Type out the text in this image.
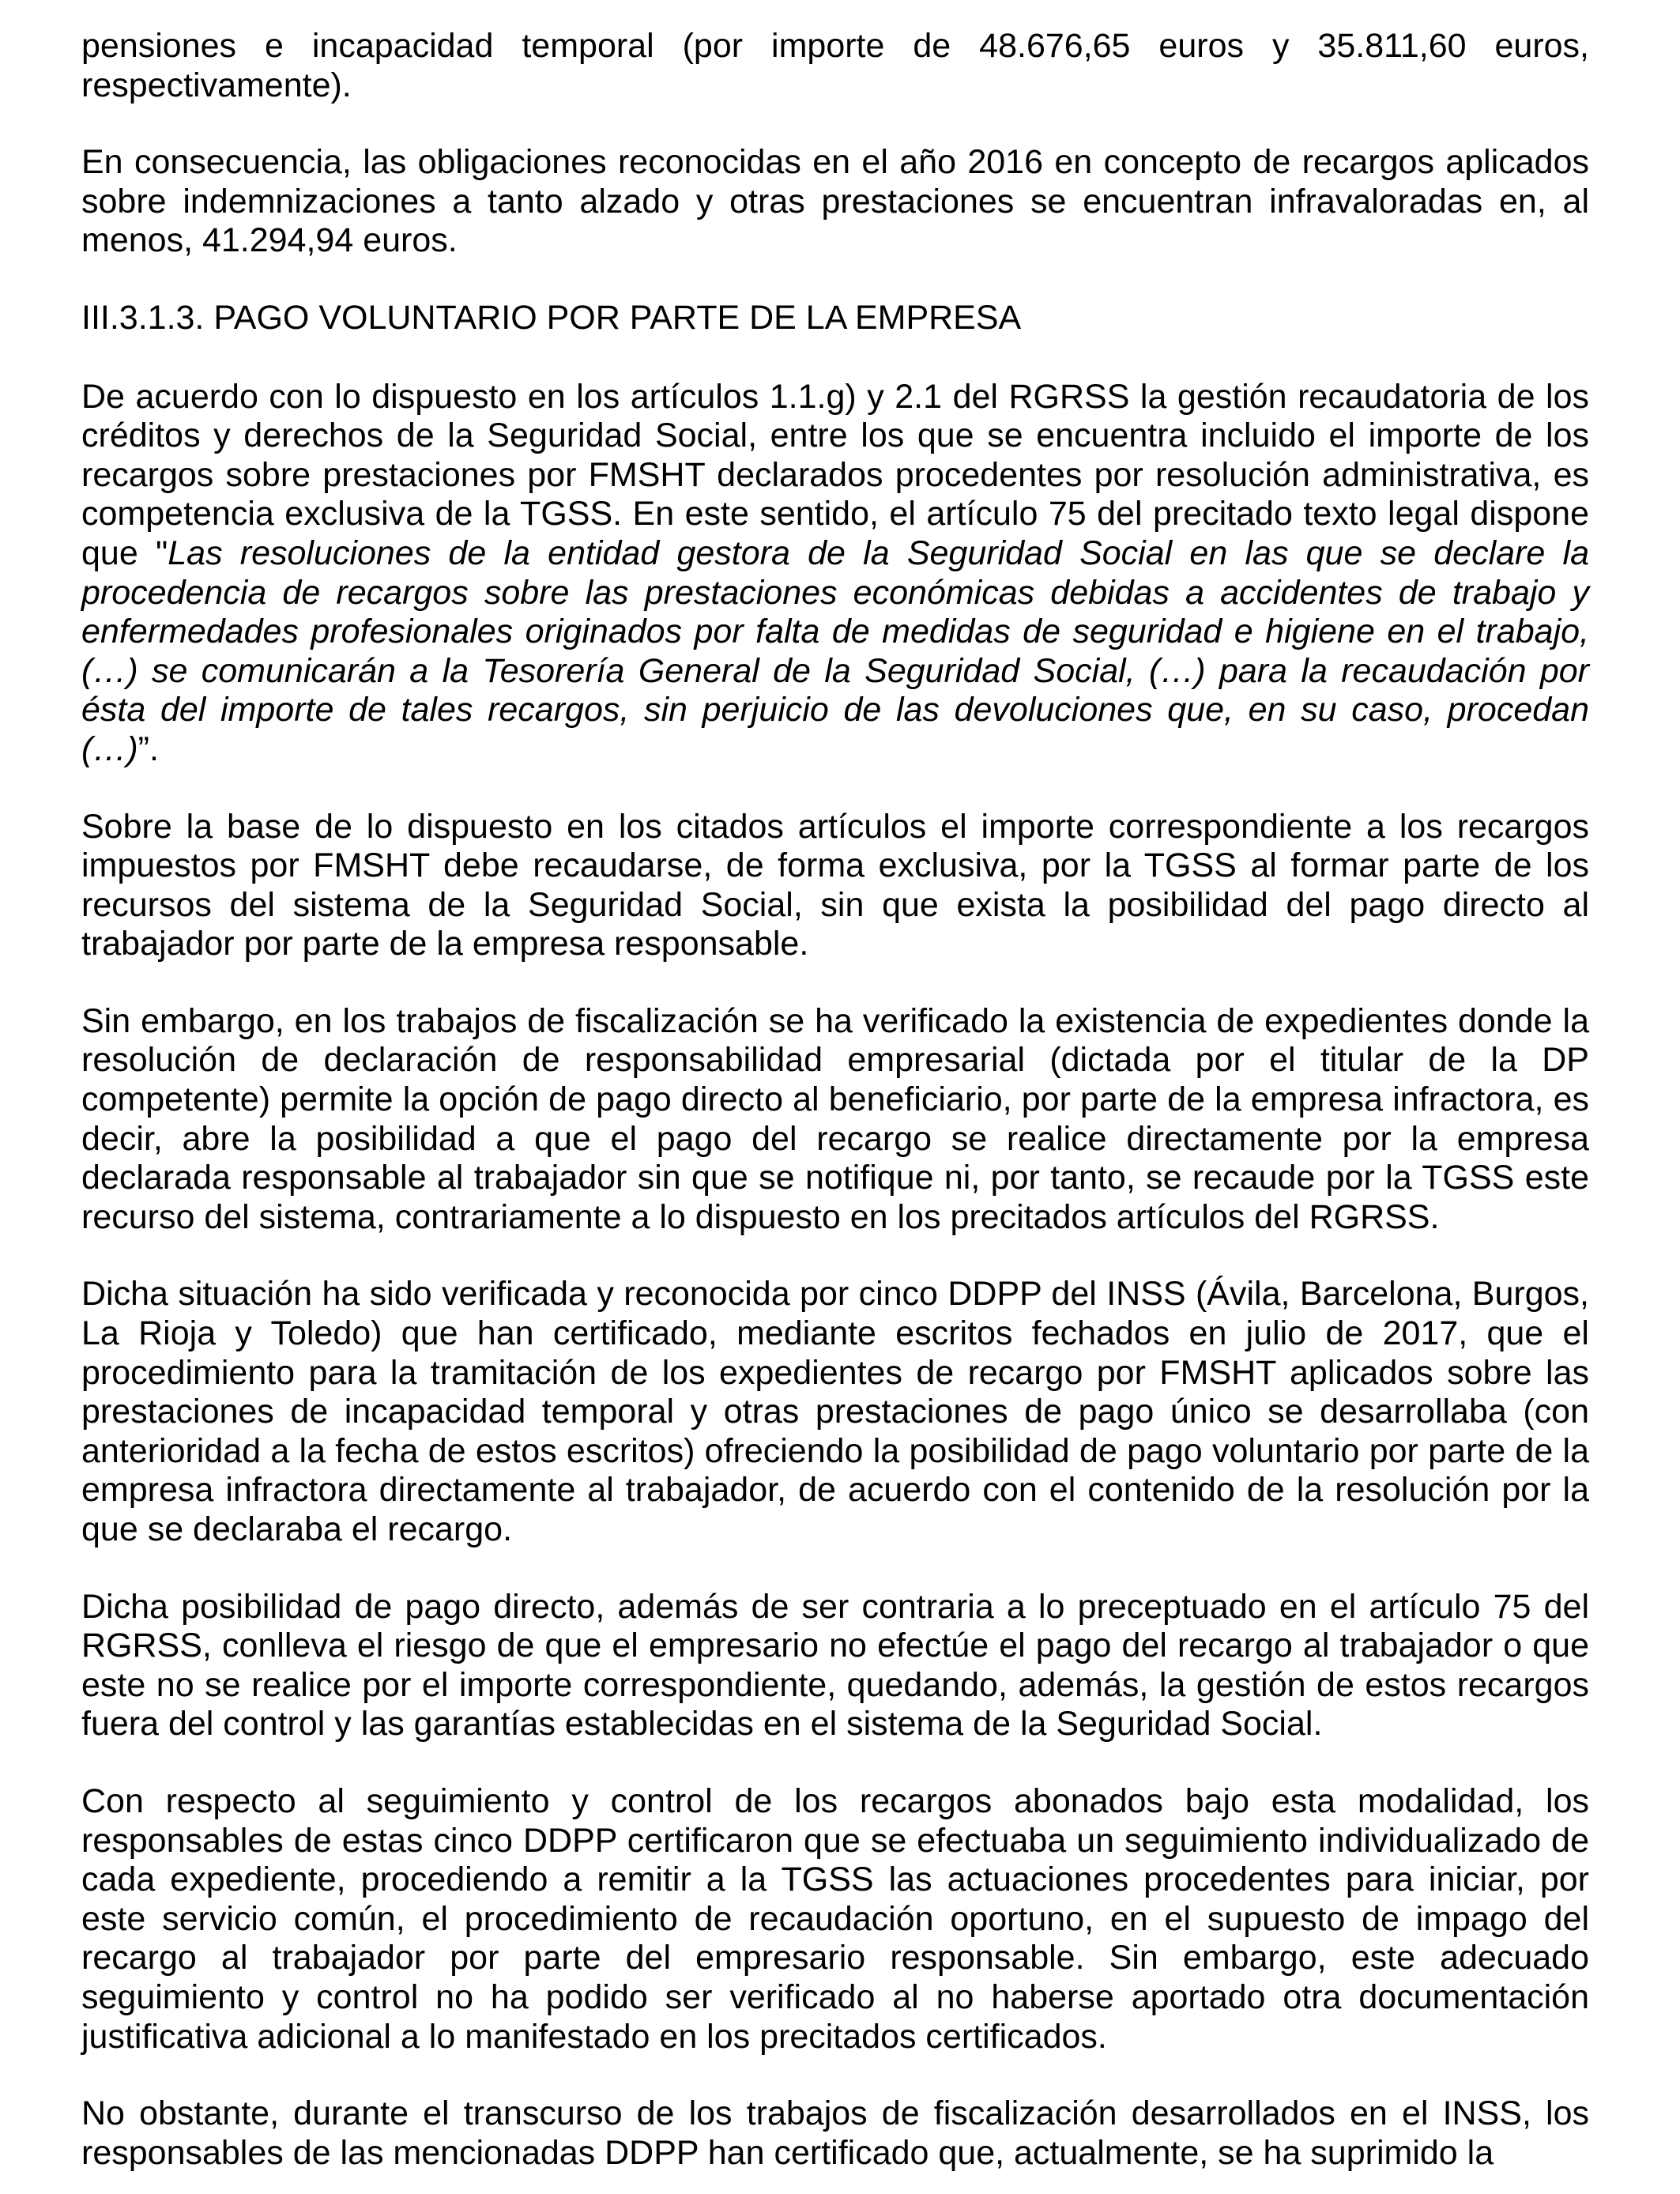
pensiones e incapacidad temporal (por importe de 48.676,65 euros y 35.811,60 euros, respectivamente).

En consecuencia, las obligaciones reconocidas en el año 2016 en concepto de recargos aplicados sobre indemnizaciones a tanto alzado y otras prestaciones se encuentran infravaloradas en, al menos, 41.294,94 euros.

III.3.1.3. PAGO VOLUNTARIO POR PARTE DE LA EMPRESA

De acuerdo con lo dispuesto en los artículos 1.1.g) y 2.1 del RGRSS la gestión recaudatoria de los créditos y derechos de la Seguridad Social, entre los que se encuentra incluido el importe de los recargos sobre prestaciones por FMSHT declarados procedentes por resolución administrativa, es competencia exclusiva de la TGSS. En este sentido, el artículo 75 del precitado texto legal dispone que "Las resoluciones de la entidad gestora de la Seguridad Social en las que se declare la procedencia de recargos sobre las prestaciones económicas debidas a accidentes de trabajo y enfermedades profesionales originados por falta de medidas de seguridad e higiene en el trabajo,(…) se comunicarán a la Tesorería General de la Seguridad Social, (…) para la recaudación por ésta del importe de tales recargos, sin perjuicio de las devoluciones que, en su caso, procedan (…)”.

Sobre la base de lo dispuesto en los citados artículos el importe correspondiente a los recargos impuestos por FMSHT debe recaudarse, de forma exclusiva, por la TGSS al formar parte de los recursos del sistema de la Seguridad Social, sin que exista la posibilidad del pago directo al trabajador por parte de la empresa responsable.

Sin embargo, en los trabajos de fiscalización se ha verificado la existencia de expedientes donde la resolución de declaración de responsabilidad empresarial (dictada por el titular de la DP competente) permite la opción de pago directo al beneficiario, por parte de la empresa infractora, es decir, abre la posibilidad a que el pago del recargo se realice directamente por la empresa declarada responsable al trabajador sin que se notifique ni, por tanto, se recaude por la TGSS este recurso del sistema, contrariamente a lo dispuesto en los precitados artículos del RGRSS.

Dicha situación ha sido verificada y reconocida por cinco DDPP del INSS (Ávila, Barcelona, Burgos, La Rioja y Toledo) que han certificado, mediante escritos fechados en julio de 2017, que el procedimiento para la tramitación de los expedientes de recargo por FMSHT aplicados sobre las prestaciones de incapacidad temporal y otras prestaciones de pago único se desarrollaba (con anterioridad a la fecha de estos escritos) ofreciendo la posibilidad de pago voluntario por parte de la empresa infractora directamente al trabajador, de acuerdo con el contenido de la resolución por la que se declaraba el recargo.

Dicha posibilidad de pago directo, además de ser contraria a lo preceptuado en el artículo 75 del RGRSS, conlleva el riesgo de que el empresario no efectúe el pago del recargo al trabajador o que este no se realice por el importe correspondiente, quedando, además, la gestión de estos recargos fuera del control y las garantías establecidas en el sistema de la Seguridad Social.

Con respecto al seguimiento y control de los recargos abonados bajo esta modalidad, los responsables de estas cinco DDPP certificaron que se efectuaba un seguimiento individualizado de cada expediente, procediendo a remitir a la TGSS las actuaciones procedentes para iniciar, por este servicio común, el procedimiento de recaudación oportuno, en el supuesto de impago del recargo al trabajador por parte del empresario responsable. Sin embargo, este adecuado seguimiento y control no ha podido ser verificado al no haberse aportado otra documentación justificativa adicional a lo manifestado en los precitados certificados.

No obstante, durante el transcurso de los trabajos de fiscalización desarrollados en el INSS, los responsables de las mencionadas DDPP han certificado que, actualmente, se ha suprimido la
